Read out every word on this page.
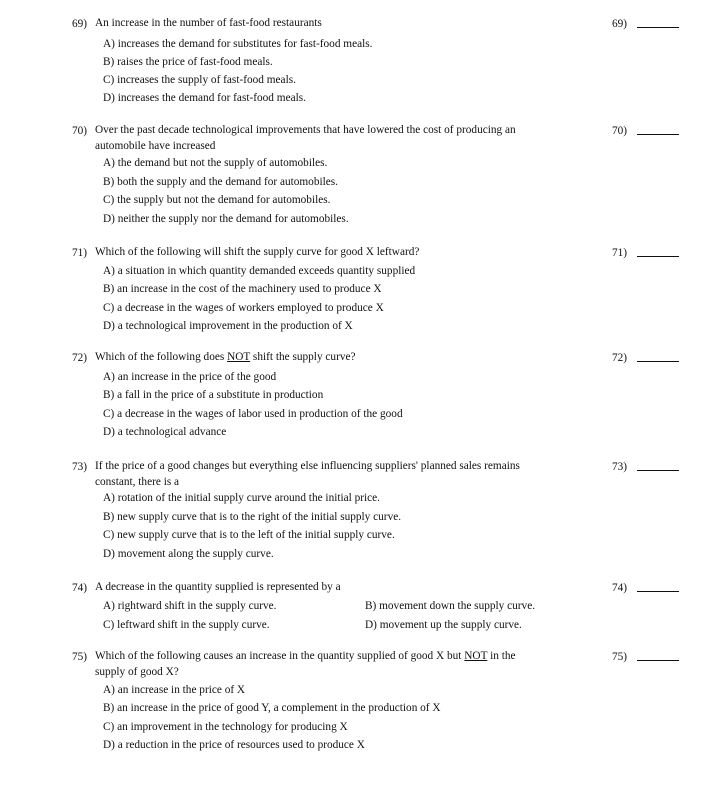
69) An increase in the number of fast-food restaurants	69)
A) increases the demand for substitutes for fast-food meals.
B) raises the price of fast-food meals.
C) increases the supply of fast-food meals.
D) increases the demand for fast-food meals.
70) Over the past decade technological improvements that have lowered the cost of producing an
automobile have increased
70)
A) the demand but not the supply of automobiles.
B) both the supply and the demand for automobiles.
C) the supply but not the demand for automobiles.
D) neither the supply nor the demand for automobiles.
71) Which of the following will shift the supply curve for good X leftward?	71)
A) a situation in which quantity demanded exceeds quantity supplied
B) an increase in the cost of the machinery used to produce X
C) a decrease in the wages of workers employed to produce X
D) a technological improvement in the production of X
72) Which of the following does NOT shift the supply curve?	72)
A) an increase in the price of the good
B) a fall in the price of a substitute in production
C) a decrease in the wages of labor used in production of the good
D) a technological advance
73) If the price of a good changes but everything else influencing suppliers' planned sales remains
constant, there is a
73)
A) rotation of the initial supply curve around the initial price.
B) new supply curve that is to the right of the initial supply curve.
C) new supply curve that is to the left of the initial supply curve.
D) movement along the supply curve.
74) A decrease in the quantity supplied is represented by a	74)
A) rightward shift in the supply curve.	B) movement down the supply curve.
C) leftward shift in the supply curve.	D) movement up the supply curve.
75) Which of the following causes an increase in the quantity supplied of good X but NOT in the
supply of good X?
75)
A) an increase in the price of X
B) an increase in the price of good Y, a complement in the production of X
C) an improvement in the technology for producing X
D) a reduction in the price of resources used to produce X
